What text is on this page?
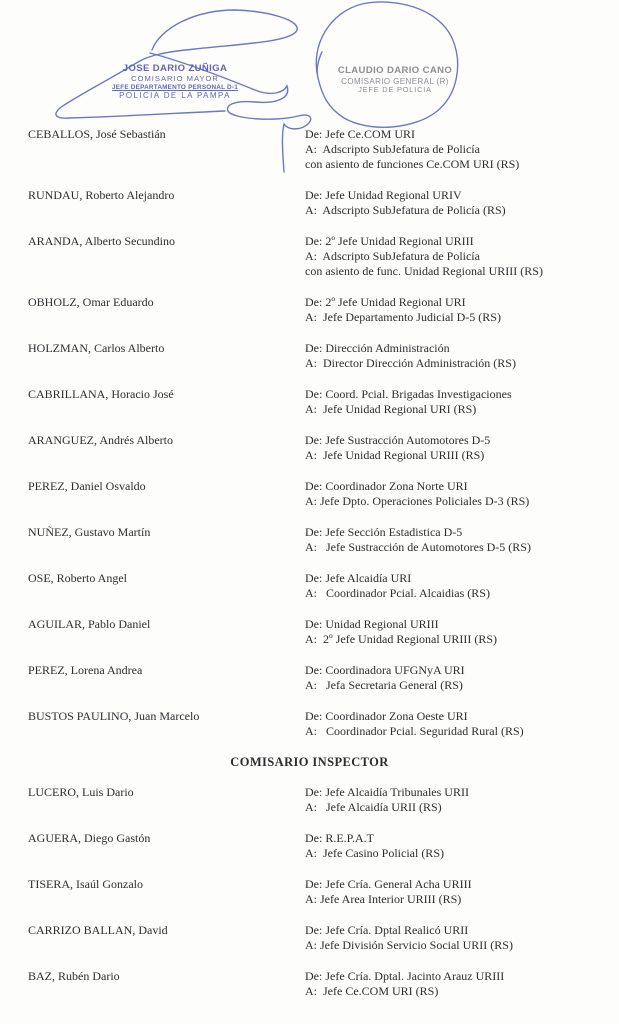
JOSE DARIO ZUÑIGA
COMISARIO MAYOR
JEFE DEPARTAMENTO PERSONAL D-1
POLICIA DE LA PAMPA
CLAUDIO DARIO CANO
COMISARIO GENERAL (R)
JEFE DE POLICIA
CEBALLOS, José Sebastián	De: Jefe Ce.COM URI
A:  Adscripto SubJefatura de Policía
con asiento de funciones Ce.COM URI (RS)
RUNDAU, Roberto Alejandro	De: Jefe Unidad Regional URIV
A:  Adscripto SubJefatura de Policía (RS)
ARANDA, Alberto Secundino	De: 2º Jefe Unidad Regional URIII
A:  Adscripto SubJefatura de Policía
con asiento de func. Unidad Regional URIII (RS)
OBHOLZ, Omar Eduardo	De: 2º Jefe Unidad Regional URI
A:  Jefe Departamento Judicial D-5 (RS)
HOLZMAN, Carlos Alberto	De: Dirección Administración
A:  Director Dirección Administración (RS)
CABRILLANA, Horacio José	De: Coord. Pcial. Brigadas Investigaciones
A:  Jefe Unidad Regional URI (RS)
ARANGUEZ, Andrés Alberto	De: Jefe Sustracción Automotores D-5
A:  Jefe Unidad Regional URIII (RS)
PEREZ, Daniel Osvaldo	De: Coordinador Zona Norte URI
A: Jefe Dpto. Operaciones Policiales D-3 (RS)
NUÑEZ, Gustavo Martín	De: Jefe Sección Estadistica D-5
A:   Jefe Sustracción de Automotores D-5 (RS)
OSE, Roberto Angel	De: Jefe Alcaidía URI
A:   Coordinador Pcial. Alcaidias (RS)
AGUILAR, Pablo Daniel	De: Unidad Regional URIII
A:  2º Jefe Unidad Regional URIII (RS)
PEREZ, Lorena Andrea	De: Coordinadora UFGNyA URI
A:   Jefa Secretaria General (RS)
BUSTOS PAULINO, Juan Marcelo	De: Coordinador Zona Oeste URI
A:   Coordinador Pcial. Seguridad Rural (RS)
COMISARIO INSPECTOR
LUCERO, Luis Dario	De: Jefe Alcaidía Tribunales URII
A:   Jefe Alcaidía URII (RS)
AGUERA, Diego Gastón	De: R.E.P.A.T
A:  Jefe Casino Policial (RS)
TISERA, Isaúl Gonzalo	De: Jefe Cría. General Acha URIII
A: Jefe Area Interior URIII (RS)
CARRIZO BALLAN, David	De: Jefe Cría. Dptal Realicó URII
A: Jefe División Servicio Social URII (RS)
BAZ, Rubén Dario	De: Jefe Cría. Dptal. Jacinto Arauz URIII
A:  Jefe Ce.COM URI (RS)
